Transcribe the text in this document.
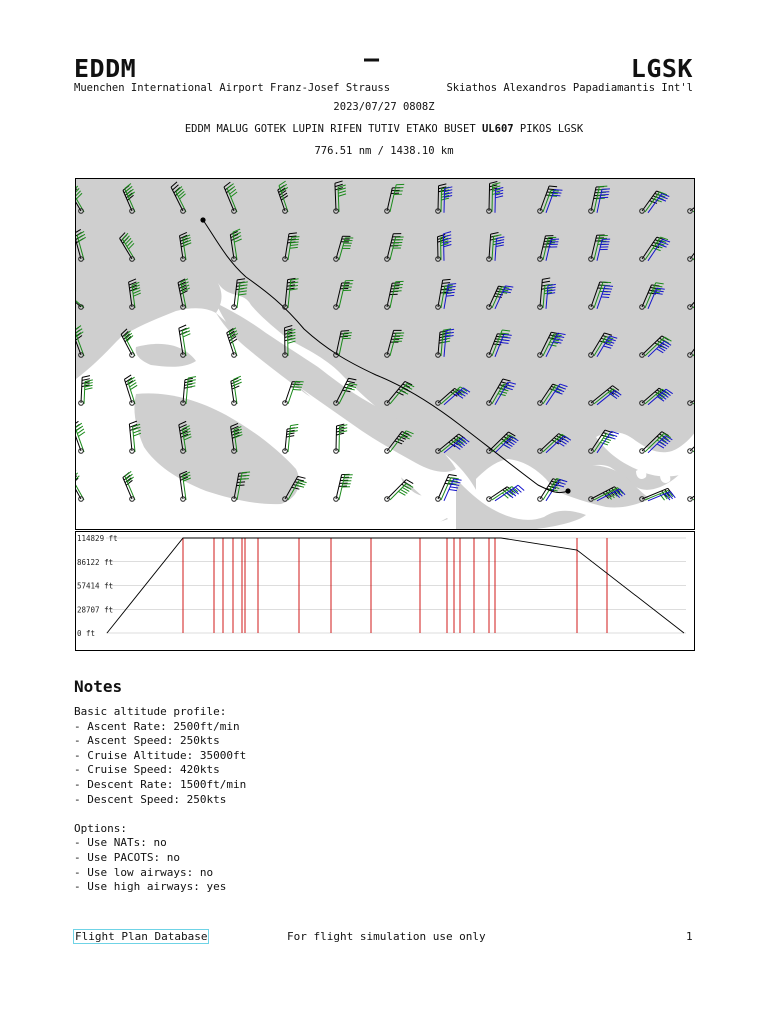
EDDM	–	LGSK
Muenchen International Airport Franz-Josef Strauss	Skiathos Alexandros Papadiamantis Int'l
2023/07/27 0808Z
EDDM MALUG GOTEK LUPIN RIFEN TUTIV ETAKO BUSET UL607 PIKOS LGSK
776.51 nm / 1438.10 km
114829 ft
86122 ft
57414 ft
28707 ft
0 ft
Notes
Basic altitude profile:
- Ascent Rate: 2500ft/min
- Ascent Speed: 250kts
- Cruise Altitude: 35000ft
- Cruise Speed: 420kts
- Descent Rate: 1500ft/min
- Descent Speed: 250kts

Options:
- Use NATs: no
- Use PACOTS: no
- Use low airways: no
- Use high airways: yes
Flight Plan Database	For flight simulation use only	1
